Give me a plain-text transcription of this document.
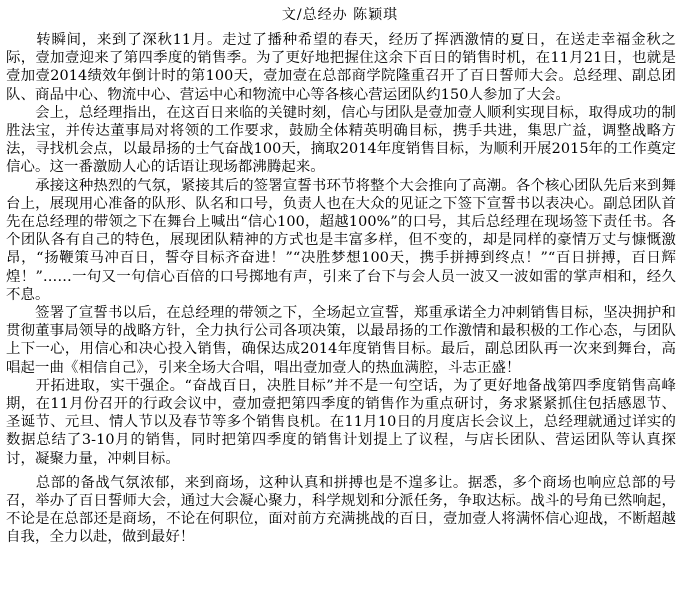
文/总经办 陈颖琪

　　转瞬间，来到了深秋11月。走过了播种希望的春天，经历了挥洒激情的夏日，在送走幸福金秋之际，壹加壹迎来了第四季度的销售季。为了更好地把握住这余下百日的销售时机，在11月21日，也就是壹加壹2014绩效年倒计时的第100天，壹加壹在总部商学院隆重召开了百日誓师大会。总经理、副总团队、商品中心、物流中心、营运中心和物流中心等各核心营运团队约150人参加了大会。

　　会上，总经理指出，在这百日来临的关键时刻，信心与团队是壹加壹人顺利实现目标，取得成功的制胜法宝，并传达董事局对将领的工作要求，鼓励全体精英明确目标，携手共进，集思广益，调整战略方法，寻找机会点，以最昂扬的士气奋战100天，摘取2014年度销售目标，为顺利开展2015年的工作奠定信心。这一番激励人心的话语让现场都沸腾起来。

　　承接这种热烈的气氛，紧接其后的签署宣誓书环节将整个大会推向了高潮。各个核心团队先后来到舞台上，展现用心准备的队形、队名和口号，负责人也在大众的见证之下签下宣誓书以表决心。副总团队首先在总经理的带领之下在舞台上喊出“信心100，超越100%”的口号，其后总经理在现场签下责任书。各个团队各有自己的特色，展现团队精神的方式也是丰富多样，但不变的，却是同样的豪情万丈与慷慨激昂，“扬鞭策马冲百日，誓夺目标齐奋进！”“决胜梦想100天，携手拼搏到终点！”“百日拼搏，百日辉煌！”……一句又一句信心百倍的口号掷地有声，引来了台下与会人员一波又一波如雷的掌声相和，经久不息。

　　签署了宣誓书以后，在总经理的带领之下，全场起立宣誓，郑重承诺全力冲刺销售目标，坚决拥护和贯彻董事局领导的战略方针，全力执行公司各项决策，以最昂扬的工作激情和最积极的工作心态，与团队上下一心，用信心和决心投入销售，确保达成2014年度销售目标。最后，副总团队再一次来到舞台，高唱起一曲《相信自己》，引来全场大合唱，唱出壹加壹人的热血满腔，斗志正盛！

　　开拓进取，实干强企。“奋战百日，决胜目标”并不是一句空话，为了更好地备战第四季度销售高峰期，在11月份召开的行政会议中，壹加壹把第四季度的销售作为重点研讨，务求紧紧抓住包括感恩节、圣诞节、元旦、情人节以及春节等多个销售良机。在11月10日的月度店长会议上，总经理就通过详实的数据总结了3-10月的销售，同时把第四季度的销售计划提上了议程，与店长团队、营运团队等认真探讨，凝聚力量，冲刺目标。

　　总部的备战气氛浓郁，来到商场，这种认真和拼搏也是不遑多让。据悉，多个商场也响应总部的号召，举办了百日誓师大会，通过大会凝心聚力，科学规划和分派任务，争取达标。战斗的号角已然响起，不论是在总部还是商场，不论在何职位，面对前方充满挑战的百日，壹加壹人将满怀信心迎战，不断超越自我，全力以赴，做到最好！
